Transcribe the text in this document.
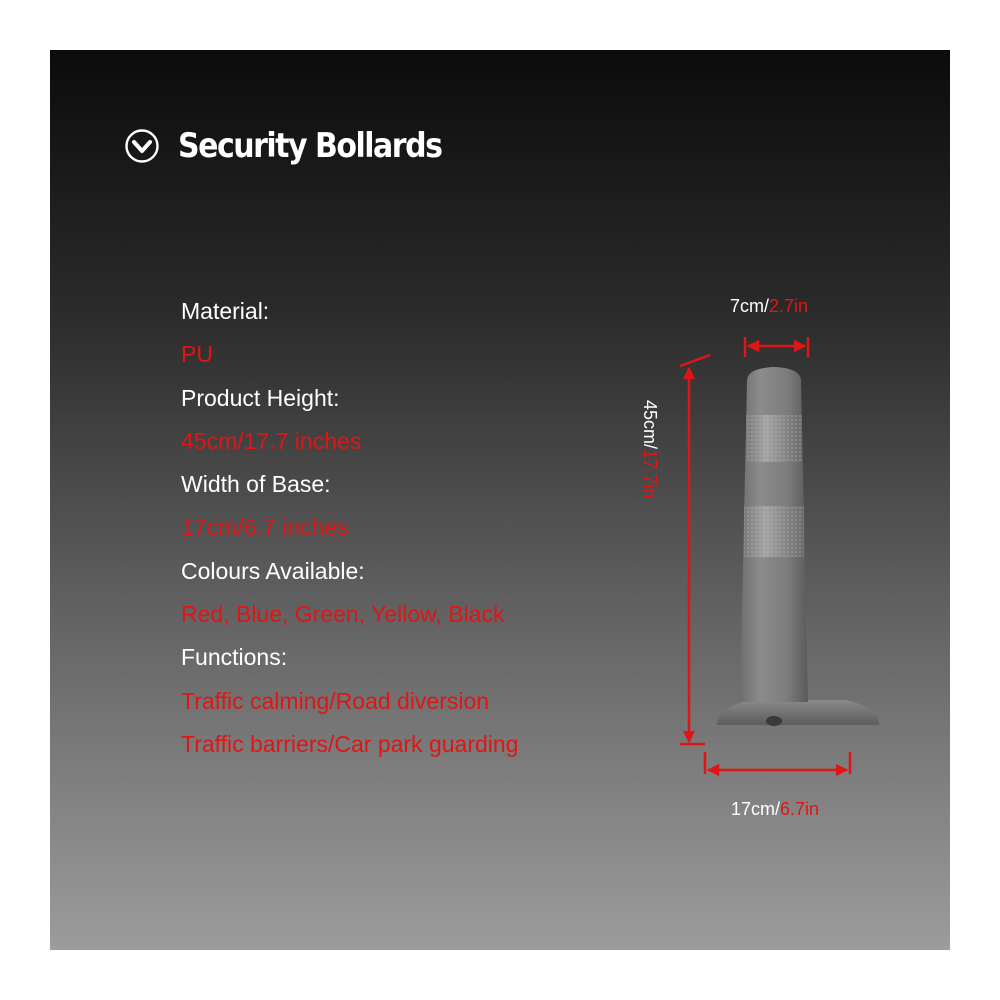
Security Bollards
Material:
PU
Product Height:
45cm/17.7 inches
Width of Base:
17cm/6.7 inches
Colours Available:
Red, Blue, Green, Yellow, Black
Functions:
Traffic calming/Road diversion
Traffic barriers/Car park guarding
7cm/2.7in
45cm/17.7in
17cm/6.7in
